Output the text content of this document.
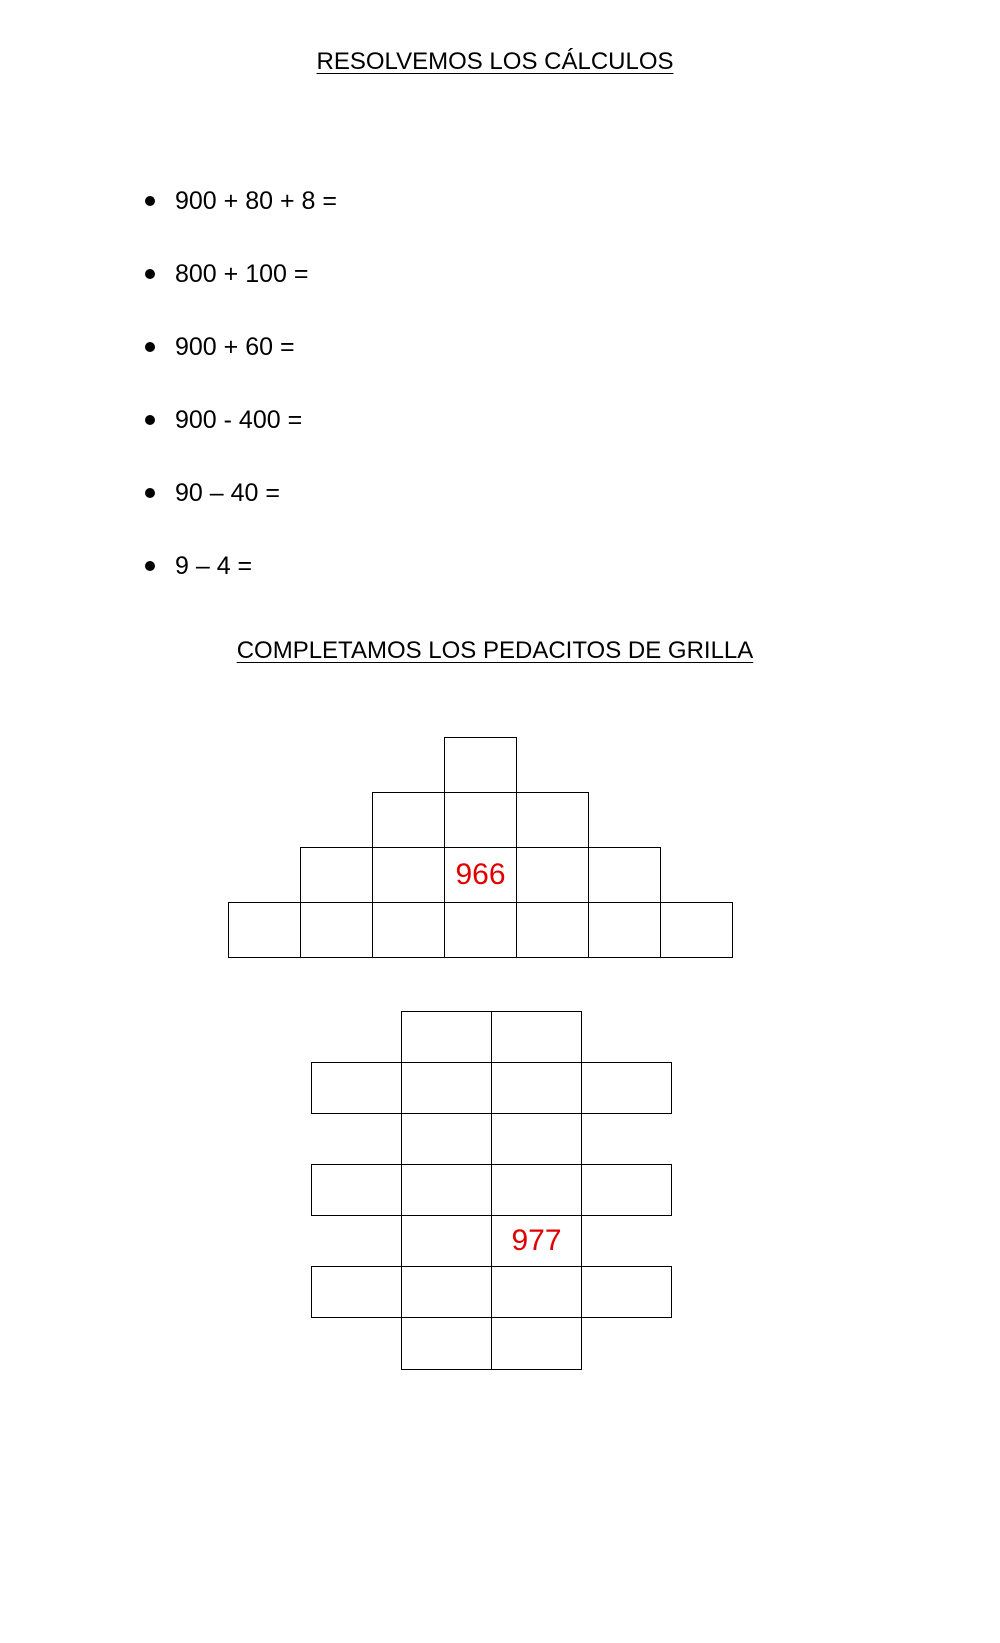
RESOLVEMOS LOS CÁLCULOS
900 + 80 + 8 =
800 + 100 =
900 + 60 =
900 - 400 =
90 – 40 =
9 – 4 =
COMPLETAMOS LOS PEDACITOS DE GRILLA
966
977
